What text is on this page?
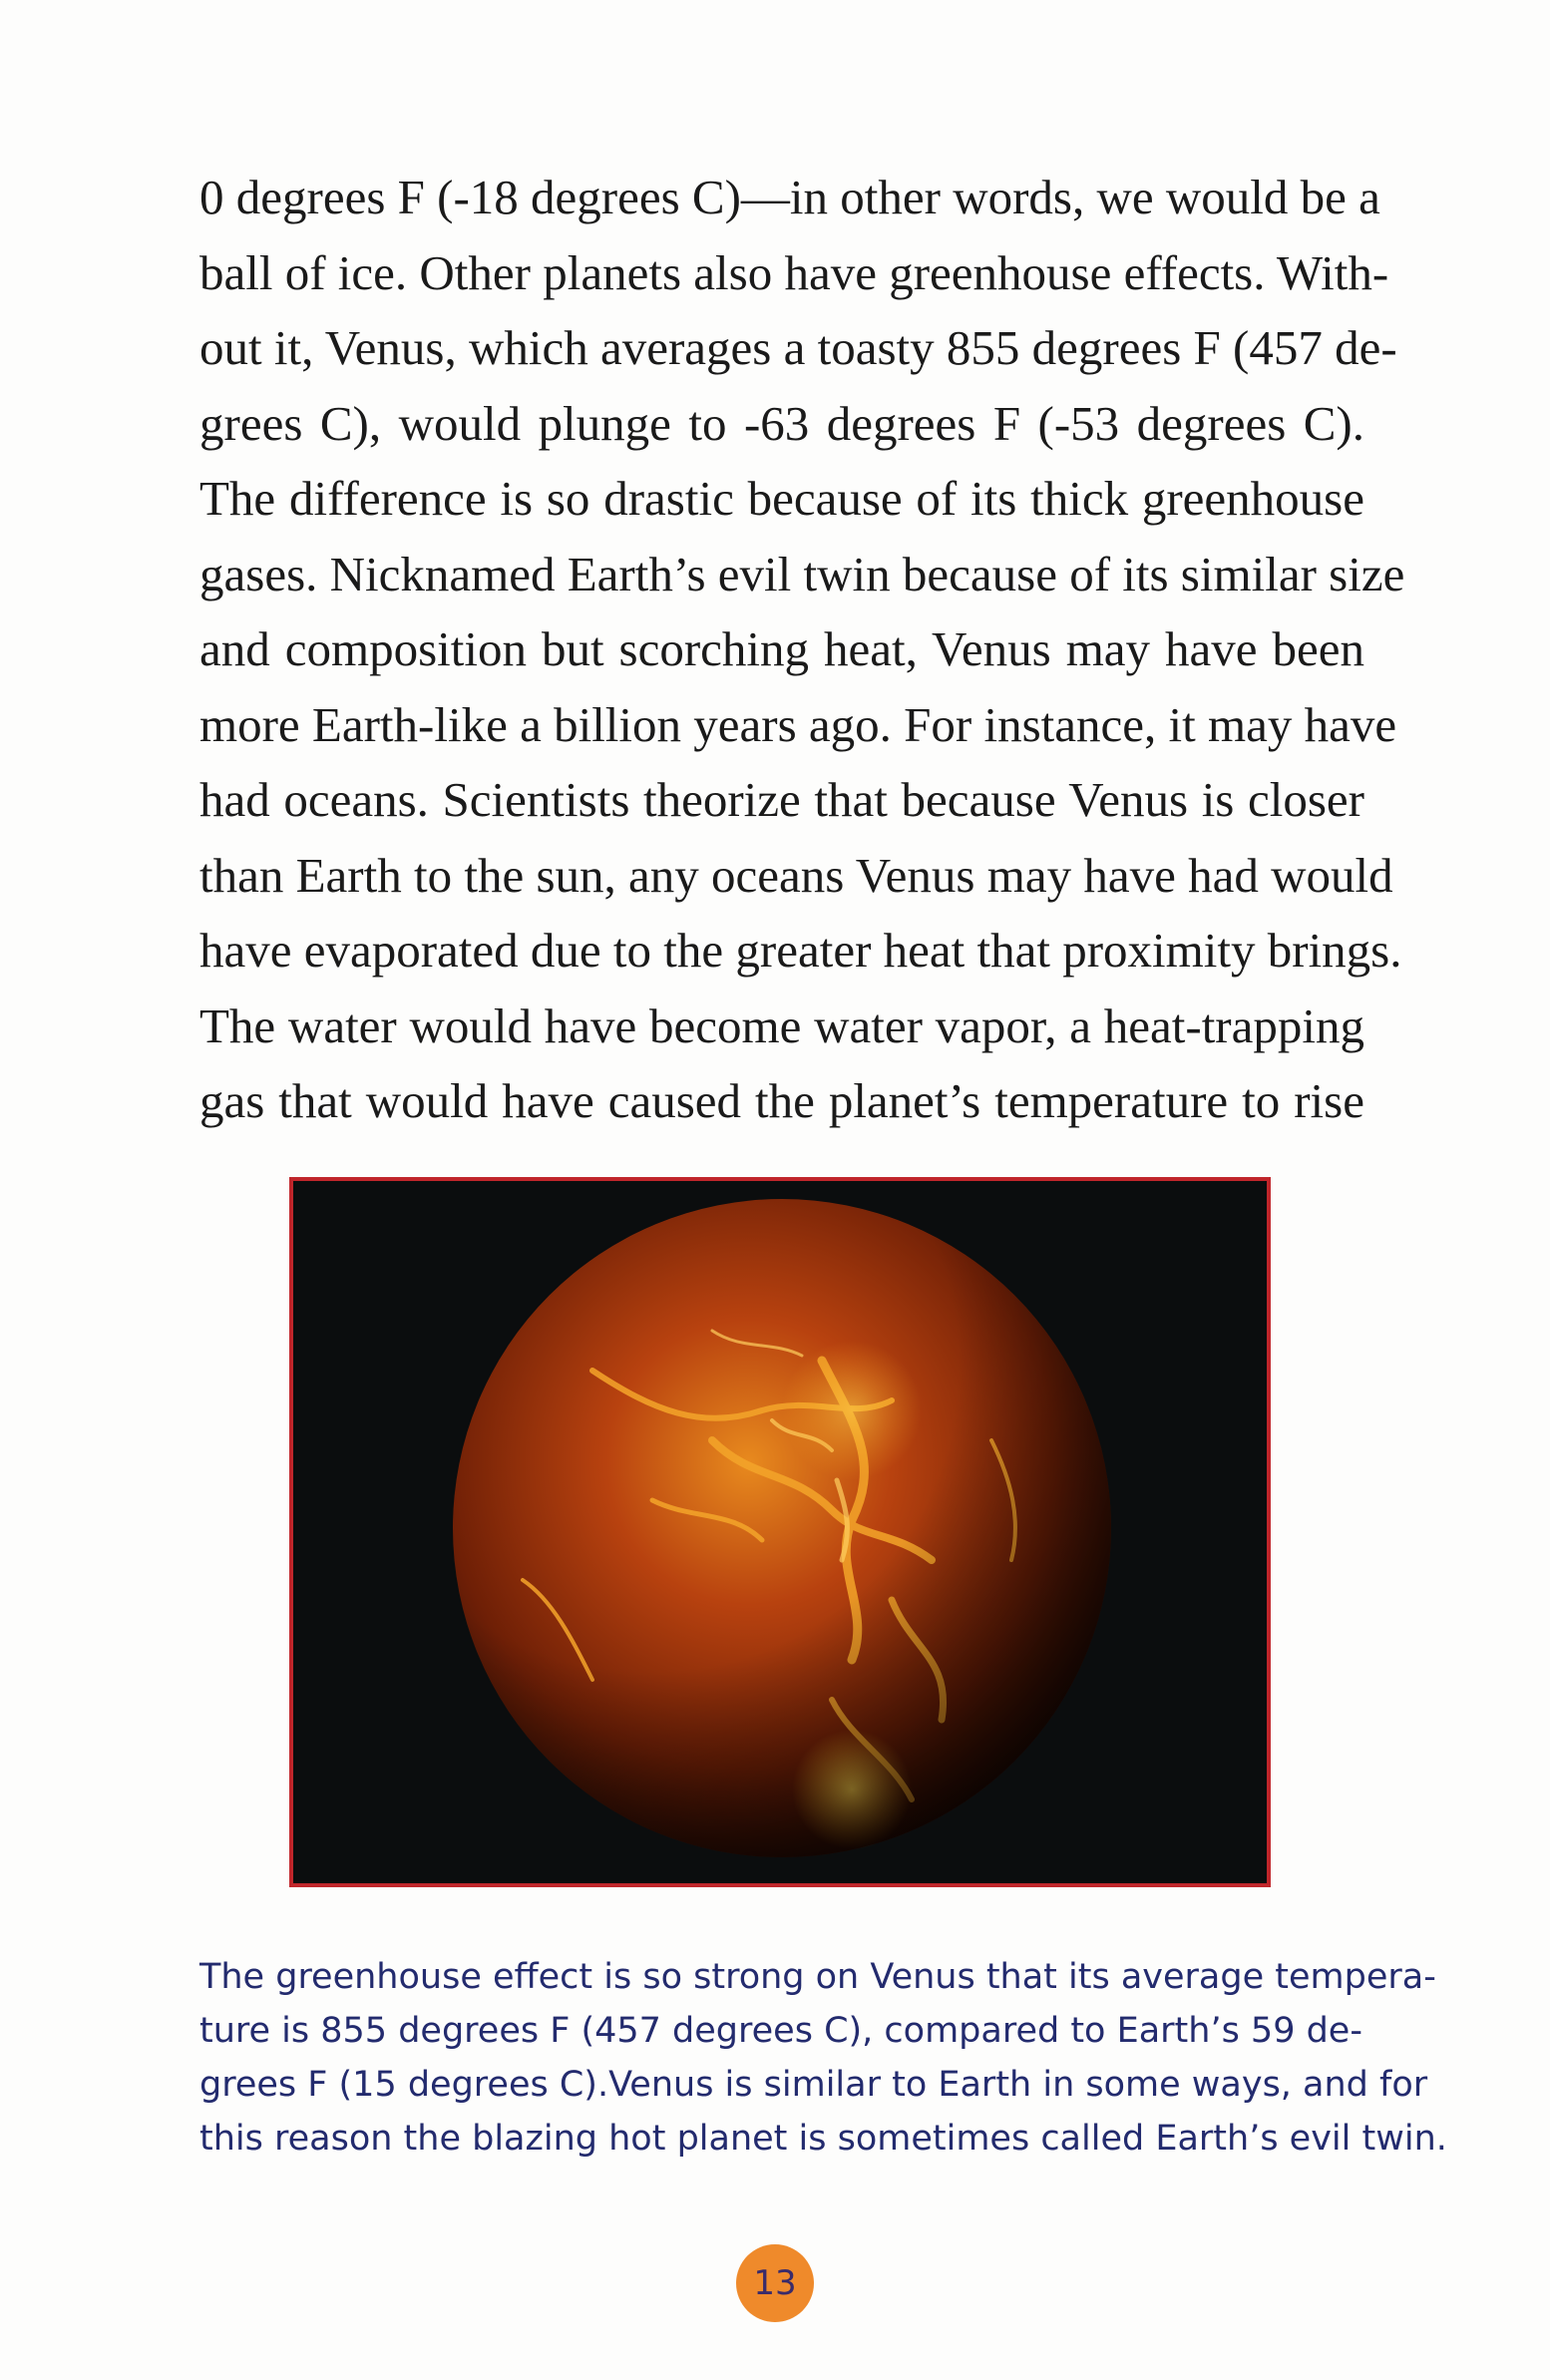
0 degrees F (-18 degrees C)—in other words, we would be a
ball of ice. Other planets also have greenhouse effects. With-
out it, Venus, which averages a toasty 855 degrees F (457 de-
grees C), would plunge to -63 degrees F (-53 degrees C).
The difference is so drastic because of its thick greenhouse
gases. Nicknamed Earth’s evil twin because of its similar size
and composition but scorching heat, Venus may have been
more Earth-like a billion years ago. For instance, it may have
had oceans. Scientists theorize that because Venus is closer
than Earth to the sun, any oceans Venus may have had would
have evaporated due to the greater heat that proximity brings.
The water would have become water vapor, a heat-trapping
gas that would have caused the planet’s temperature to rise
The greenhouse effect is so strong on Venus that its average tempera-
ture is 855 degrees F (457 degrees C), compared to Earth’s 59 de-
grees F (15 degrees C).Venus is similar to Earth in some ways, and for
this reason the blazing hot planet is sometimes called Earth’s evil twin.
13
